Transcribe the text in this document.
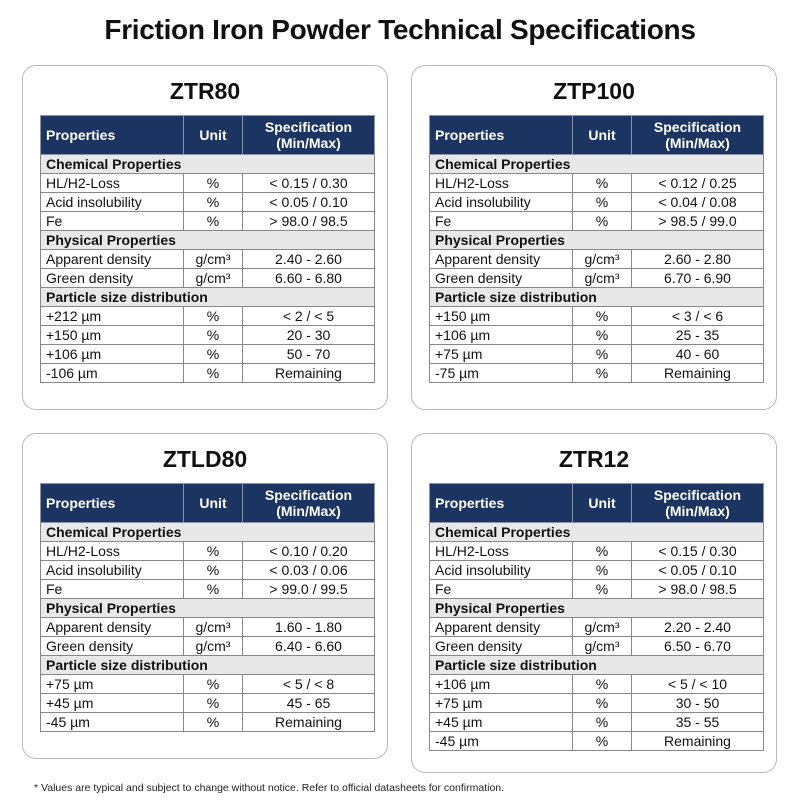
Friction Iron Powder Technical Specifications
ZTR80
Properties	Unit	Specification
(Min/Max)
Chemical Properties		
HL/H2-Loss	%	< 0.15 / 0.30
Acid insolubility	%	< 0.05 / 0.10
Fe	%	> 98.0 / 98.5
Physical Properties		
Apparent density	g/cm³	2.40 - 2.60
Green density	g/cm³	6.60 - 6.80
Particle size distribution		
+212 µm	%	< 2 / < 5
+150 µm	%	20 - 30
+106 µm	%	50 - 70
-106 µm	%	Remaining
ZTP100
Properties	Unit	Specification
(Min/Max)
Chemical Properties		
HL/H2-Loss	%	< 0.12 / 0.25
Acid insolubility	%	< 0.04 / 0.08
Fe	%	> 98.5 / 99.0
Physical Properties		
Apparent density	g/cm³	2.60 - 2.80
Green density	g/cm³	6.70 - 6.90
Particle size distribution		
+150 µm	%	< 3 / < 6
+106 µm	%	25 - 35
+75 µm	%	40 - 60
-75 µm	%	Remaining
ZTLD80
Properties	Unit	Specification
(Min/Max)
Chemical Properties		
HL/H2-Loss	%	< 0.10 / 0.20
Acid insolubility	%	< 0.03 / 0.06
Fe	%	> 99.0 / 99.5
Physical Properties		
Apparent density	g/cm³	1.60 - 1.80
Green density	g/cm³	6.40 - 6.60
Particle size distribution		
+75 µm	%	< 5 / < 8
+45 µm	%	45 - 65
-45 µm	%	Remaining
ZTR12
Properties	Unit	Specification
(Min/Max)
Chemical Properties		
HL/H2-Loss	%	< 0.15 / 0.30
Acid insolubility	%	< 0.05 / 0.10
Fe	%	> 98.0 / 98.5
Physical Properties		
Apparent density	g/cm³	2.20 - 2.40
Green density	g/cm³	6.50 - 6.70
Particle size distribution		
+106 µm	%	< 5 / < 10
+75 µm	%	30 - 50
+45 µm	%	35 - 55
-45 µm	%	Remaining
* Values are typical and subject to change without notice. Refer to official datasheets for confirmation.
